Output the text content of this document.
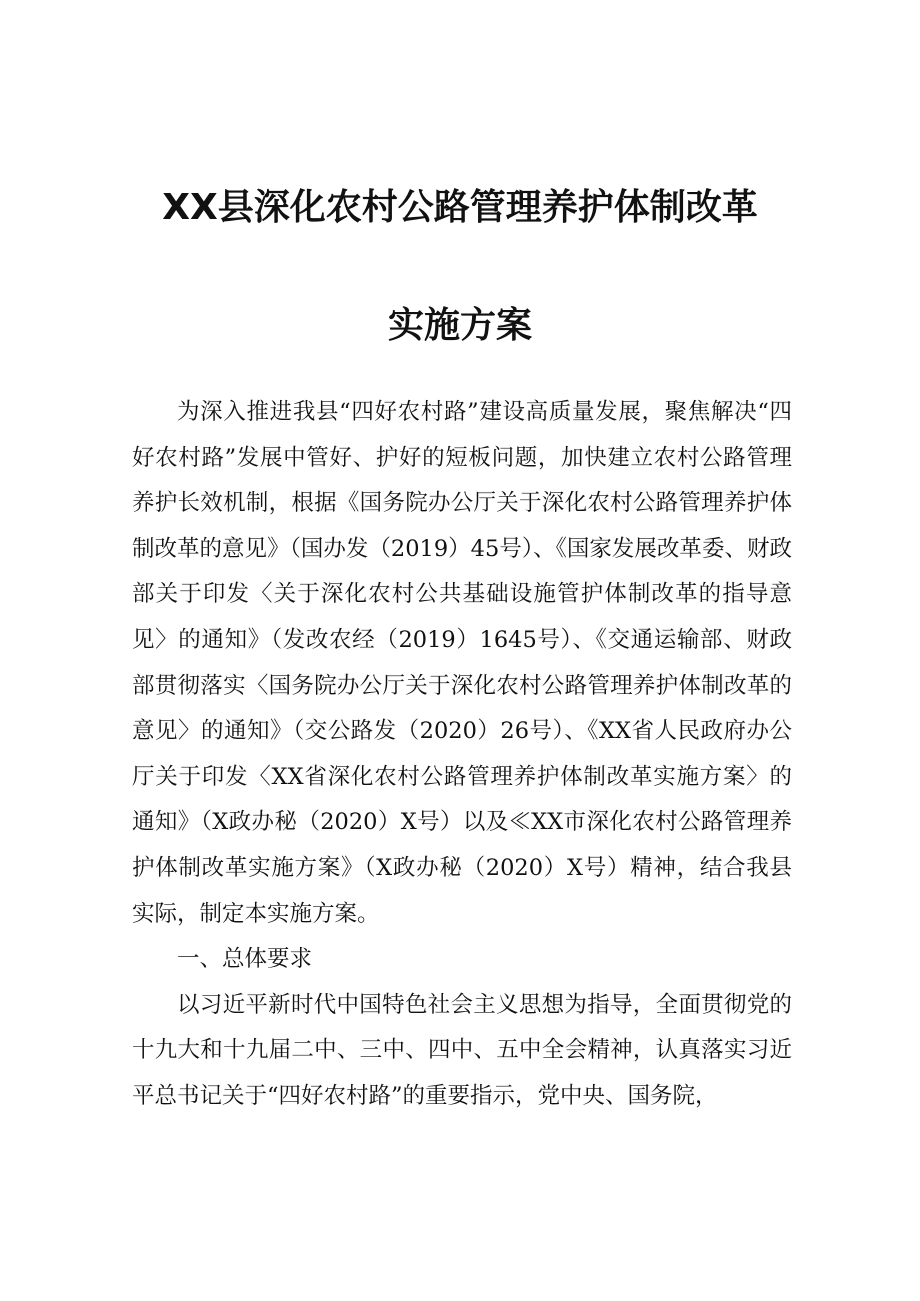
XX县深化农村公路管理养护体制改革
实施方案

为深入推进我县“四好农村路”建设高质量发展，聚焦解决“四好农村路”发展中管好、护好的短板问题，加快建立农村公路管理养护长效机制，根据《国务院办公厅关于深化农村公路管理养护体制改革的意见》（国办发（2019）45号）、《国家发展改革委、财政部关于印发〈关于深化农村公共基础设施管护体制改革的指导意见〉的通知》（发改农经（2019）1645号）、《交通运输部、财政部贯彻落实〈国务院办公厅关于深化农村公路管理养护体制改革的意见〉的通知》（交公路发（2020）26号）、《XX省人民政府办公厅关于印发〈XX省深化农村公路管理养护体制改革实施方案〉的通知》（X政办秘（2020）X号）以及≪XX市深化农村公路管理养护体制改革实施方案》（X政办秘（2020）X号）精神，结合我县实际，制定本实施方案。

一、总体要求

以习近平新时代中国特色社会主义思想为指导，全面贯彻党的十九大和十九届二中、三中、四中、五中全会精神，认真落实习近平总书记关于“四好农村路”的重要指示，党中央、国务院，
